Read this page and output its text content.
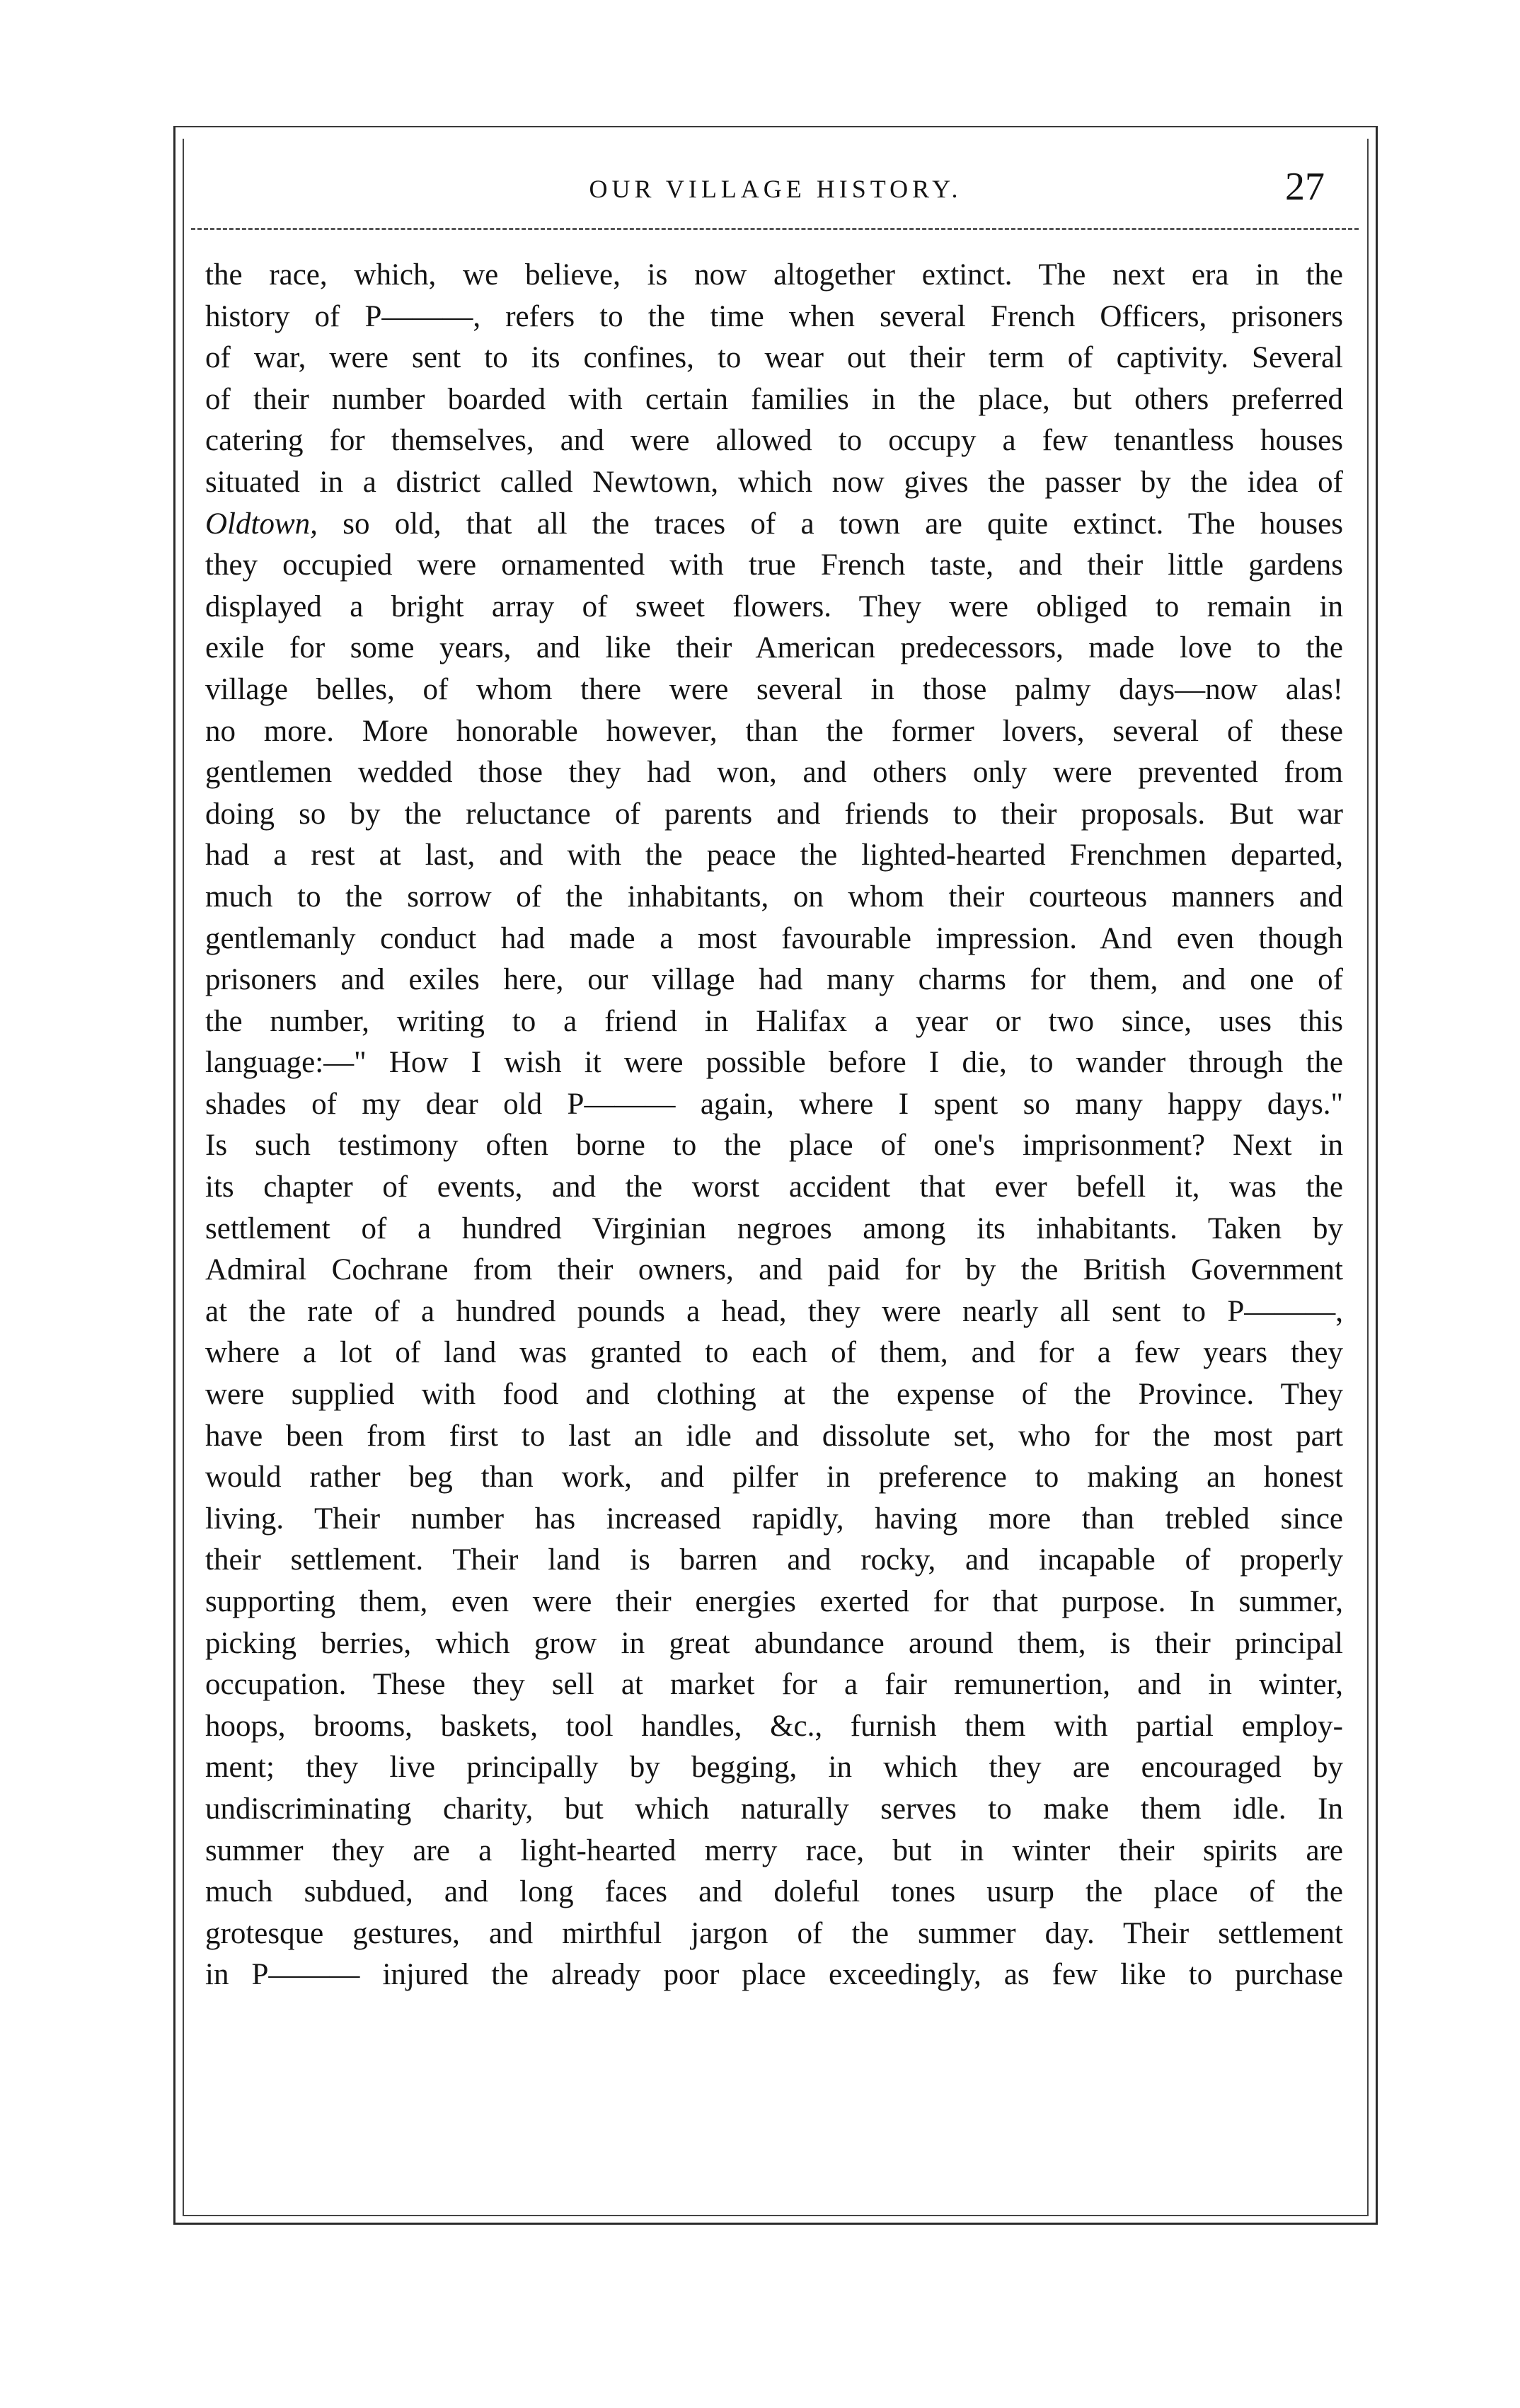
OUR VILLAGE HISTORY.	27
the race, which, we believe, is now altogether extinct. The next era in the
history of P———, refers to the time when several French Officers, prisoners
of war, were sent to its confines, to wear out their term of captivity. Several
of their number boarded with certain families in the place, but others preferred
catering for themselves, and were allowed to occupy a few tenantless houses
situated in a district called Newtown, which now gives the passer by the idea of
Oldtown, so old, that all the traces of a town are quite extinct. The houses
they occupied were ornamented with true French taste, and their little gardens
displayed a bright array of sweet flowers. They were obliged to remain in
exile for some years, and like their American predecessors, made love to the
village belles, of whom there were several in those palmy days—now alas!
no more. More honorable however, than the former lovers, several of these
gentlemen wedded those they had won, and others only were prevented from
doing so by the reluctance of parents and friends to their proposals. But war
had a rest at last, and with the peace the lighted-hearted Frenchmen departed,
much to the sorrow of the inhabitants, on whom their courteous manners and
gentlemanly conduct had made a most favourable impression. And even though
prisoners and exiles here, our village had many charms for them, and one of
the number, writing to a friend in Halifax a year or two since, uses this
language:—" How I wish it were possible before I die, to wander through the
shades of my dear old P——— again, where I spent so many happy days."
Is such testimony often borne to the place of one's imprisonment? Next in
its chapter of events, and the worst accident that ever befell it, was the
settlement of a hundred Virginian negroes among its inhabitants. Taken by
Admiral Cochrane from their owners, and paid for by the British Government
at the rate of a hundred pounds a head, they were nearly all sent to P———,
where a lot of land was granted to each of them, and for a few years they
were supplied with food and clothing at the expense of the Province. They
have been from first to last an idle and dissolute set, who for the most part
would rather beg than work, and pilfer in preference to making an honest
living. Their number has increased rapidly, having more than trebled since
their settlement. Their land is barren and rocky, and incapable of properly
supporting them, even were their energies exerted for that purpose. In summer,
picking berries, which grow in great abundance around them, is their principal
occupation. These they sell at market for a fair remunertion, and in winter,
hoops, brooms, baskets, tool handles, &c., furnish them with partial employ-
ment; they live principally by begging, in which they are encouraged by
undiscriminating charity, but which naturally serves to make them idle. In
summer they are a light-hearted merry race, but in winter their spirits are
much subdued, and long faces and doleful tones usurp the place of the
grotesque gestures, and mirthful jargon of the summer day. Their settlement
in P——— injured the already poor place exceedingly, as few like to purchase
